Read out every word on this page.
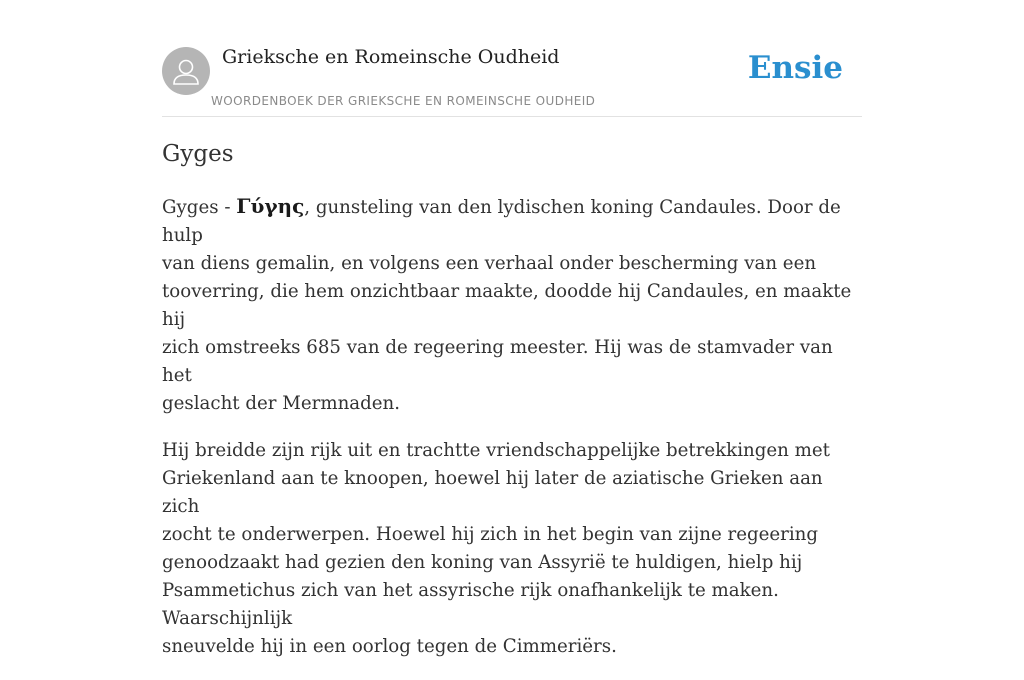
Grieksche en Romeinsche Oudheid
WOORDENBOEK DER GRIEKSCHE EN ROMEINSCHE OUDHEID
Ensie
Gyges

Gyges - Γύγης, gunsteling van den lydischen koning Candaules. Door de hulp
van diens gemalin, en volgens een verhaal onder bescherming van een
tooverring, die hem onzichtbaar maakte, doodde hij Candaules, en maakte hij
zich omstreeks 685 van de regeering meester. Hij was de stamvader van het
geslacht der Mermnaden.

Hij breidde zijn rijk uit en trachtte vriendschappelijke betrekkingen met
Griekenland aan te knoopen, hoewel hij later de aziatische Grieken aan zich
zocht te onderwerpen. Hoewel hij zich in het begin van zijne regeering
genoodzaakt had gezien den koning van Assyrië te huldigen, hielp hij
Psammetichus zich van het assyrische rijk onafhankelijk te maken. Waarschijnlijk
sneuvelde hij in een oorlog tegen de Cimmeriërs.
